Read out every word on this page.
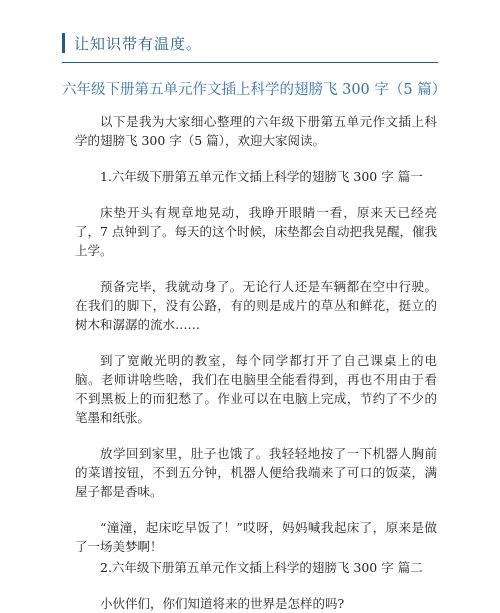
让知识带有温度。
六年级下册第五单元作文插上科学的翅膀飞 300 字（5 篇）

以下是我为大家细心整理的六年级下册第五单元作文插上科学的翅膀飞 300 字（5 篇），欢迎大家阅读。

1.六年级下册第五单元作文插上科学的翅膀飞 300 字 篇一

床垫开头有规章地晃动，我睁开眼睛一看，原来天已经亮了，7 点钟到了。每天的这个时候，床垫都会自动把我晃醒，催我上学。

预备完毕，我就动身了。无论行人还是车辆都在空中行驶。在我们的脚下，没有公路，有的则是成片的草丛和鲜花，挺立的树木和潺潺的流水……

到了宽敞光明的教室，每个同学都打开了自己课桌上的电脑。老师讲啥些啥，我们在电脑里全能看得到，再也不用由于看不到黑板上的而犯愁了。作业可以在电脑上完成，节约了不少的笔墨和纸张。

放学回到家里，肚子也饿了。我轻轻地按了一下机器人胸前的菜谱按钮，不到五分钟，机器人便给我端来了可口的饭菜，满屋子都是香味。

“潼潼，起床吃早饭了！”哎呀，妈妈喊我起床了，原来是做了一场美梦啊！

2.六年级下册第五单元作文插上科学的翅膀飞 300 字 篇二

小伙伴们，你们知道将来的世界是怎样的吗?
